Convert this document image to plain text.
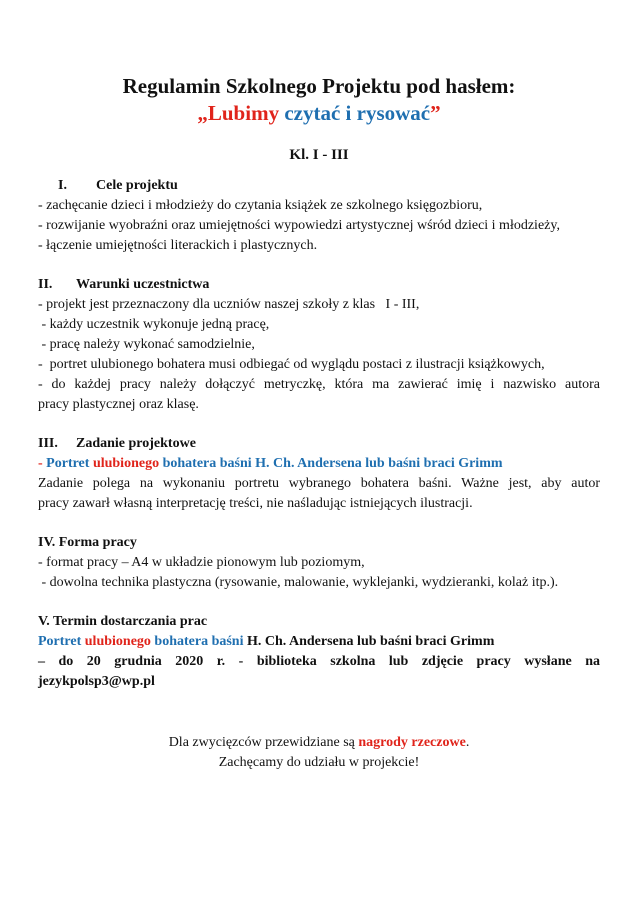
Regulamin Szkolnego Projektu pod hasłem:
„Lubimy czytać i rysować”
Kl. I - III
I. Cele projektu
- zachęcanie dzieci i młodzieży do czytania książek ze szkolnego księgozbioru,
- rozwijanie wyobraźni oraz umiejętności wypowiedzi artystycznej wśród dzieci i młodzieży,
- łączenie umiejętności literackich i plastycznych.
II. Warunki uczestnictwa
- projekt jest przeznaczony dla uczniów naszej szkoły z klas   I - III,
- każdy uczestnik wykonuje jedną pracę,
- pracę należy wykonać samodzielnie,
-  portret ulubionego bohatera musi odbiegać od wyglądu postaci z ilustracji książkowych,
- do każdej pracy należy dołączyć metryczkę, która ma zawierać imię i nazwisko autora
pracy plastycznej oraz klasę.
III. Zadanie projektowe
- Portret ulubionego bohatera baśni H. Ch. Andersena lub baśni braci Grimm
Zadanie polega na wykonaniu portretu wybranego bohatera baśni. Ważne jest, aby autor
pracy zawarł własną interpretację treści, nie naśladując istniejących ilustracji.
IV. Forma pracy
- format pracy – A4 w układzie pionowym lub poziomym,
- dowolna technika plastyczna (rysowanie, malowanie, wyklejanki, wydzieranki, kolaż itp.).
V. Termin dostarczania prac
Portret ulubionego bohatera baśni H. Ch. Andersena lub baśni braci Grimm
– do 20 grudnia 2020 r. - biblioteka szkolna lub zdjęcie pracy wysłane na
jezykpolsp3@wp.pl
Dla zwycięzców przewidziane są nagrody rzeczowe.
Zachęcamy do udziału w projekcie!
